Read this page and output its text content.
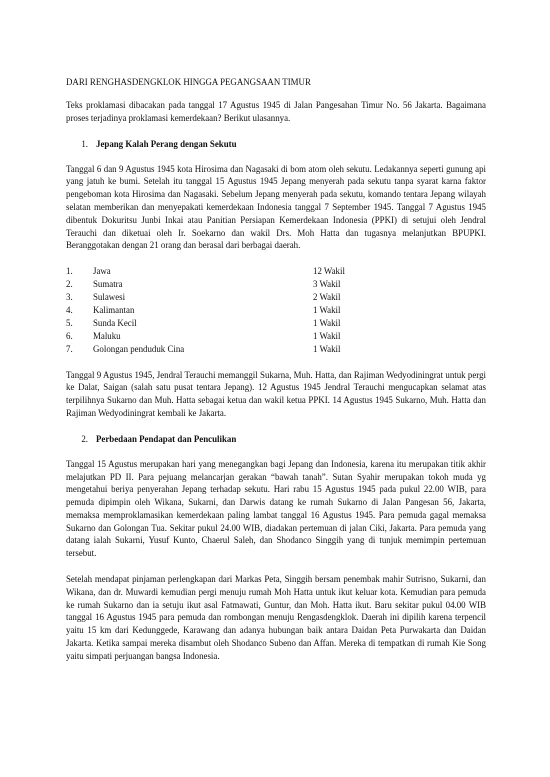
DARI RENGHASDENGKLOK HINGGA PEGANGSAAN TIMUR

Teks proklamasi dibacakan pada tanggal 17 Agustus 1945 di Jalan Pangesahan Timur No. 56 Jakarta. Bagaimana proses terjadinya proklamasi kemerdekaan? Berikut ulasannya.

1. Jepang Kalah Perang dengan Sekutu

Tanggal 6 dan 9 Agustus 1945 kota Hirosima dan Nagasaki di bom atom oleh sekutu. Ledakannya seperti gunung api yang jatuh ke bumi. Setelah itu tanggal 15 Agustus 1945 Jepang menyerah pada sekutu tanpa syarat karna faktor pengeboman kota Hirosima dan Nagasaki. Sebelum Jepang menyerah pada sekutu, komando tentara Jepang wilayah selatan memberikan dan menyepakati kemerdekaan Indonesia tanggal 7 September 1945. Tanggal 7 Agustus 1945 dibentuk Dokuritsu Junbi Inkai atau Panitian Persiapan Kemerdekaan Indonesia (PPKI) di setujui oleh Jendral Terauchi dan diketuai oleh Ir. Soekarno dan wakil Drs. Moh Hatta dan tugasnya melanjutkan BPUPKI. Beranggotakan dengan 21 orang dan berasal dari berbagai daerah.

1.	Jawa	12 Wakil
2.	Sumatra	3 Wakil
3.	Sulawesi	2 Wakil
4.	Kalimantan	1 Wakil
5.	Sunda Kecil	1 Wakil
6.	Maluku	1 Wakil
7.	Golongan penduduk Cina	1 Wakil

Tanggal 9 Agustus 1945, Jendral Terauchi memanggil Sukarna, Muh. Hatta, dan Rajiman Wedyodiningrat untuk pergi ke Dalat, Saigan (salah satu pusat tentara Jepang). 12 Agustus 1945 Jendral Terauchi mengucapkan selamat atas terpilihnya Sukarno dan Muh. Hatta sebagai ketua dan wakil ketua PPKI. 14 Agustus 1945 Sukarno, Muh. Hatta dan Rajiman Wedyodiningrat kembali ke Jakarta.

2. Perbedaan Pendapat dan Penculikan

Tanggal 15 Agustus merupakan hari yang menegangkan bagi Jepang dan Indonesia, karena itu merupakan titik akhir melajutkan PD II. Para pejuang melancarjan gerakan “bawah tanah”. Sutan Syahir merupakan tokoh muda yg mengetahui beriya penyerahan Jepang terhadap sekutu. Hari rabu 15 Agustus 1945 pada pukul 22.00 WIB, para pemuda dipimpin oleh Wikana, Sukarni, dan Darwis datang ke rumah Sukarno di Jalan Pangesan 56, Jakarta, memaksa memproklamasikan kemerdekaan paling lambat tanggal 16 Agustus 1945. Para pemuda gagal memaksa Sukarno dan Golongan Tua. Sekitar pukul 24.00 WIB, diadakan pertemuan di jalan Ciki, Jakarta. Para pemuda yang datang ialah Sukarni, Yusuf Kunto, Chaerul Saleh, dan Shodanco Singgih yang di tunjuk memimpin pertemuan tersebut.

Setelah mendapat pinjaman perlengkapan dari Markas Peta, Singgih bersam penembak mahir Sutrisno, Sukarni, dan Wikana, dan dr. Muwardi kemudian pergi menuju rumah Moh Hatta untuk ikut keluar kota. Kemudian para pemuda ke rumah Sukarno dan ia setuju ikut asal Fatmawati, Guntur, dan Moh. Hatta ikut. Baru sekitar pukul 04.00 WIB tanggal 16 Agustus 1945 para pemuda dan rombongan menuju Rengasdengklok. Daerah ini dipilih karena terpencil yaitu 15 km dari Kedunggede, Karawang dan adanya hubungan baik antara Daidan Peta Purwakarta dan Daidan Jakarta. Ketika sampai mereka disambut oleh Shodanco Subeno dan Affan. Mereka di tempatkan di rumah Kie Song yaitu simpati perjuangan bangsa Indonesia.
